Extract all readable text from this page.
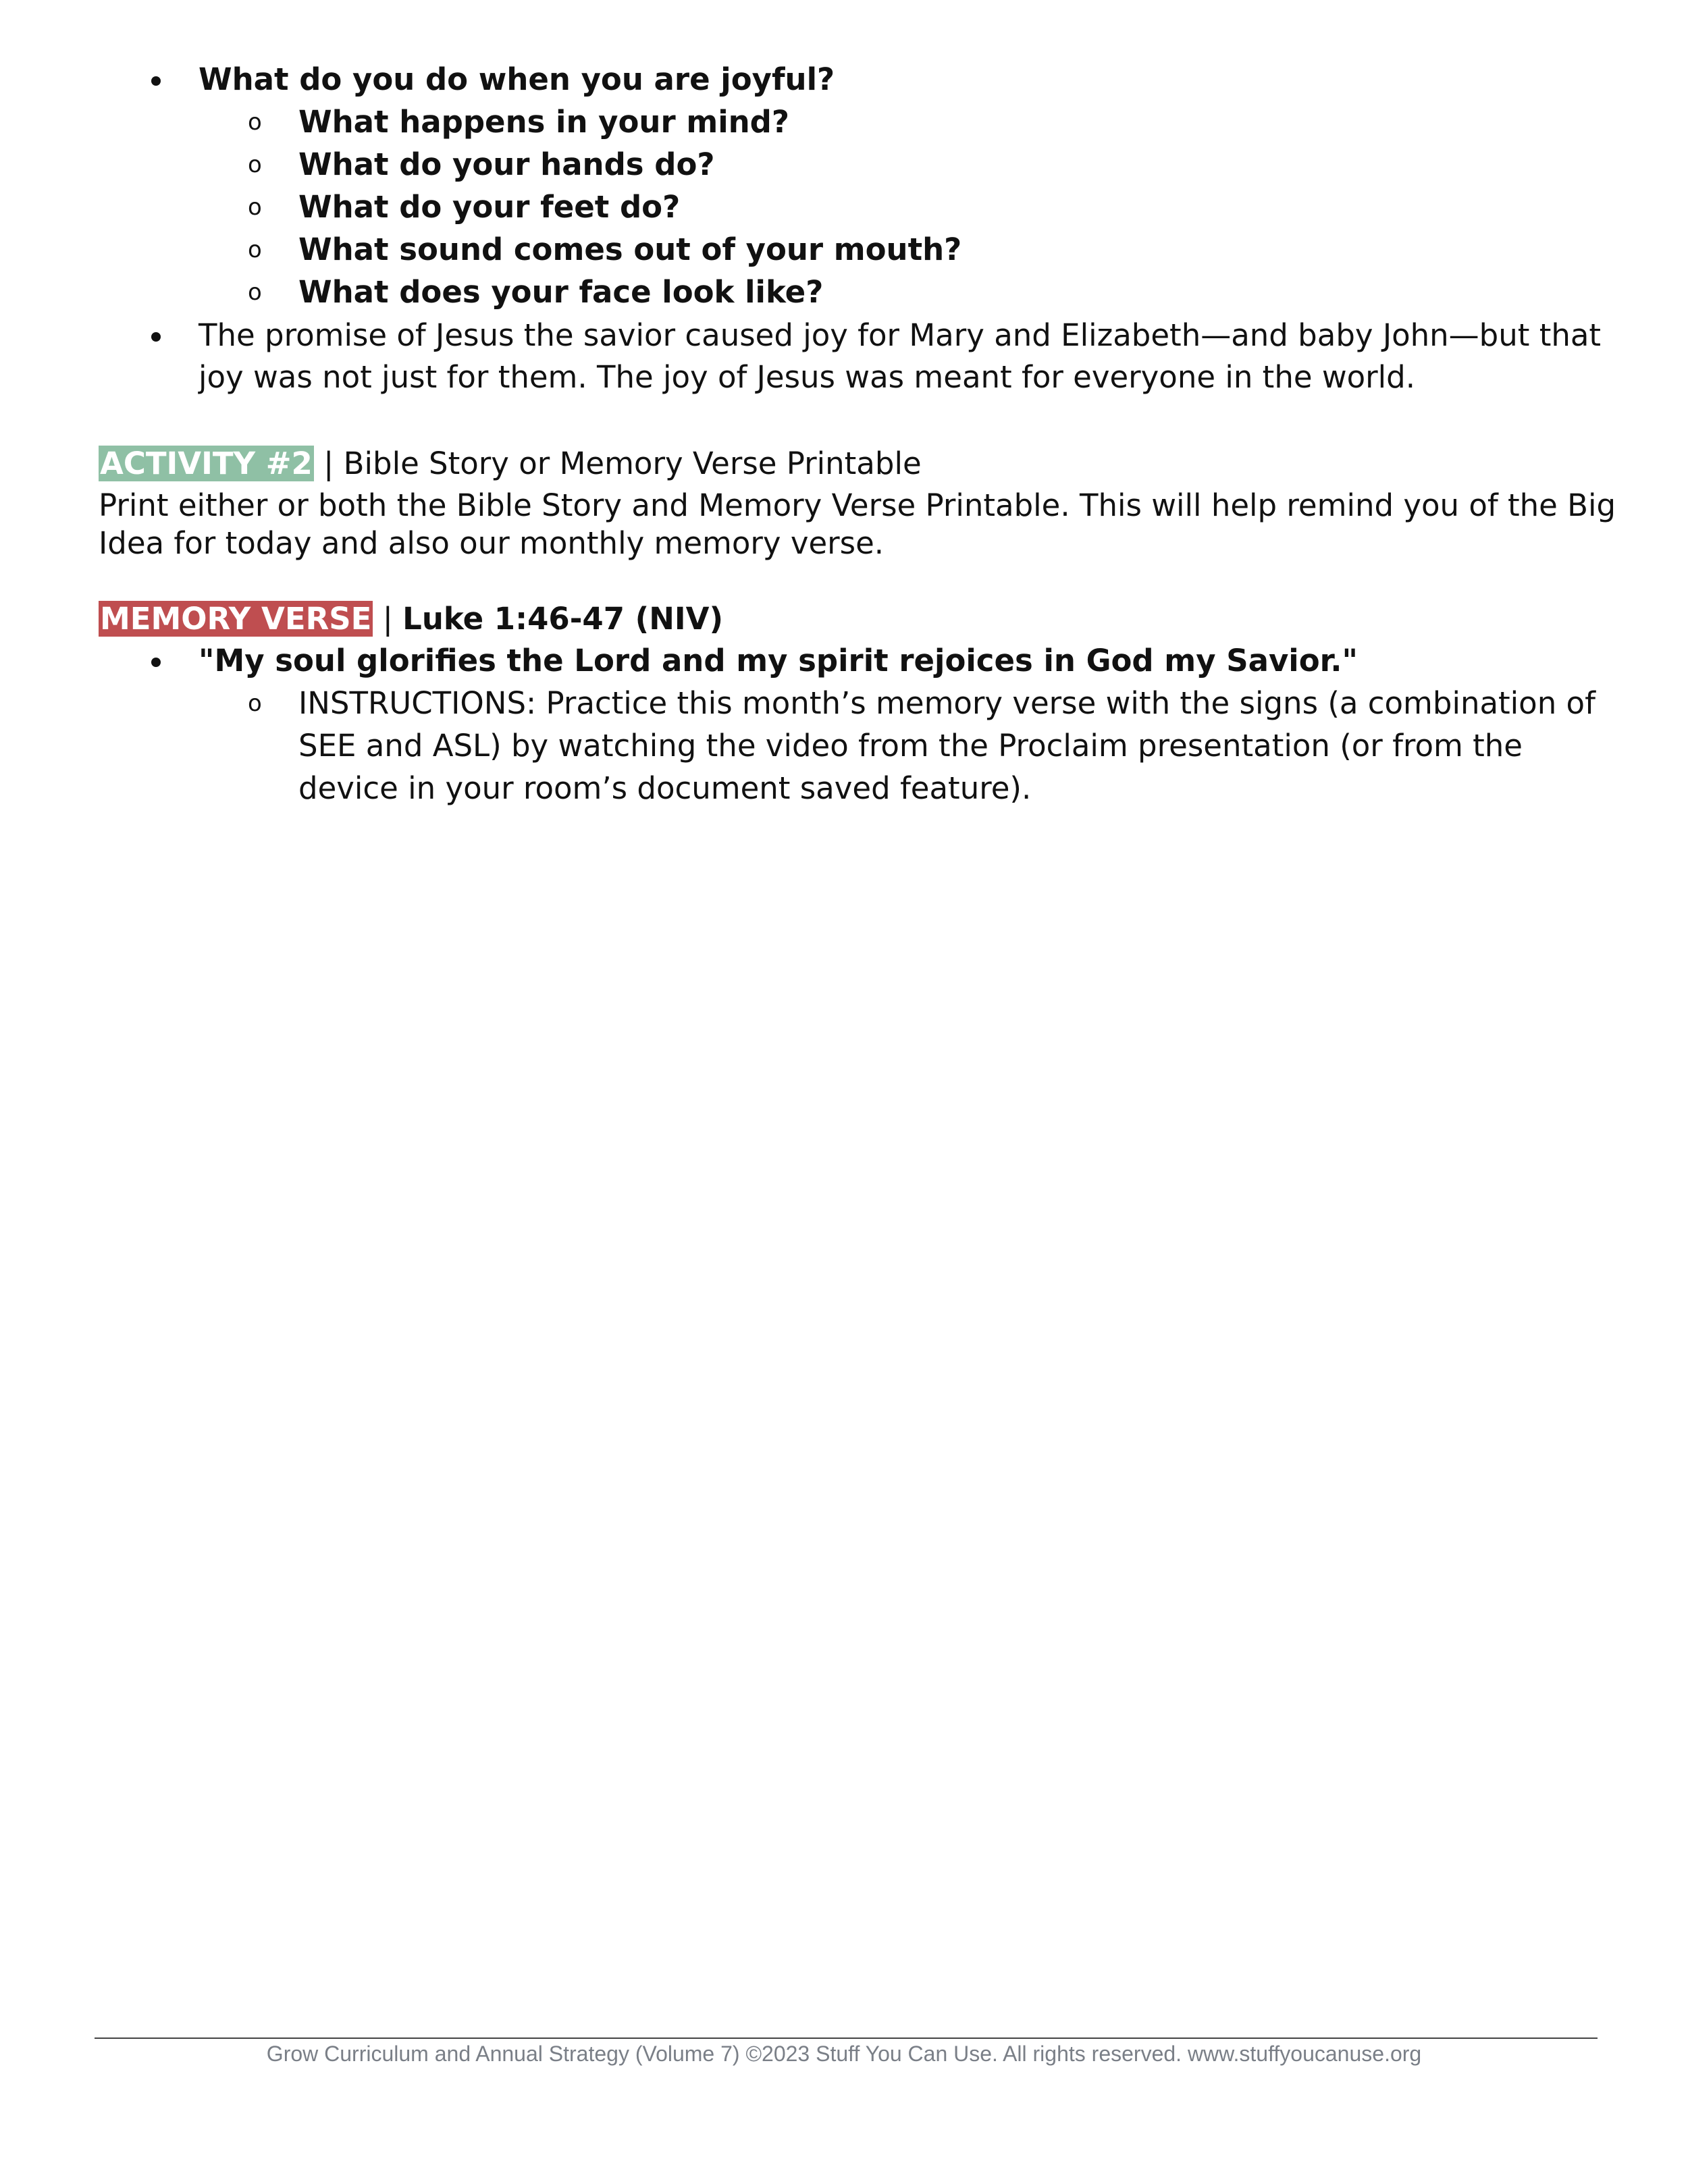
What do you do when you are joyful?
o What happens in your mind?
o What do your hands do?
o What do your feet do?
o What sound comes out of your mouth?
o What does your face look like?
The promise of Jesus the savior caused joy for Mary and Elizabeth—and baby John—but that
joy was not just for them. The joy of Jesus was meant for everyone in the world.
ACTIVITY #2 | Bible Story or Memory Verse Printable
Print either or both the Bible Story and Memory Verse Printable. This will help remind you of the Big
Idea for today and also our monthly memory verse.
MEMORY VERSE | Luke 1:46-47 (NIV)
"My soul glorifies the Lord and my spirit rejoices in God my Savior."
o INSTRUCTIONS: Practice this month’s memory verse with the signs (a combination of
SEE and ASL) by watching the video from the Proclaim presentation (or from the
device in your room’s document saved feature).
Grow Curriculum and Annual Strategy (Volume 7) ©2023 Stuff You Can Use. All rights reserved. www.stuffyoucanuse.org
